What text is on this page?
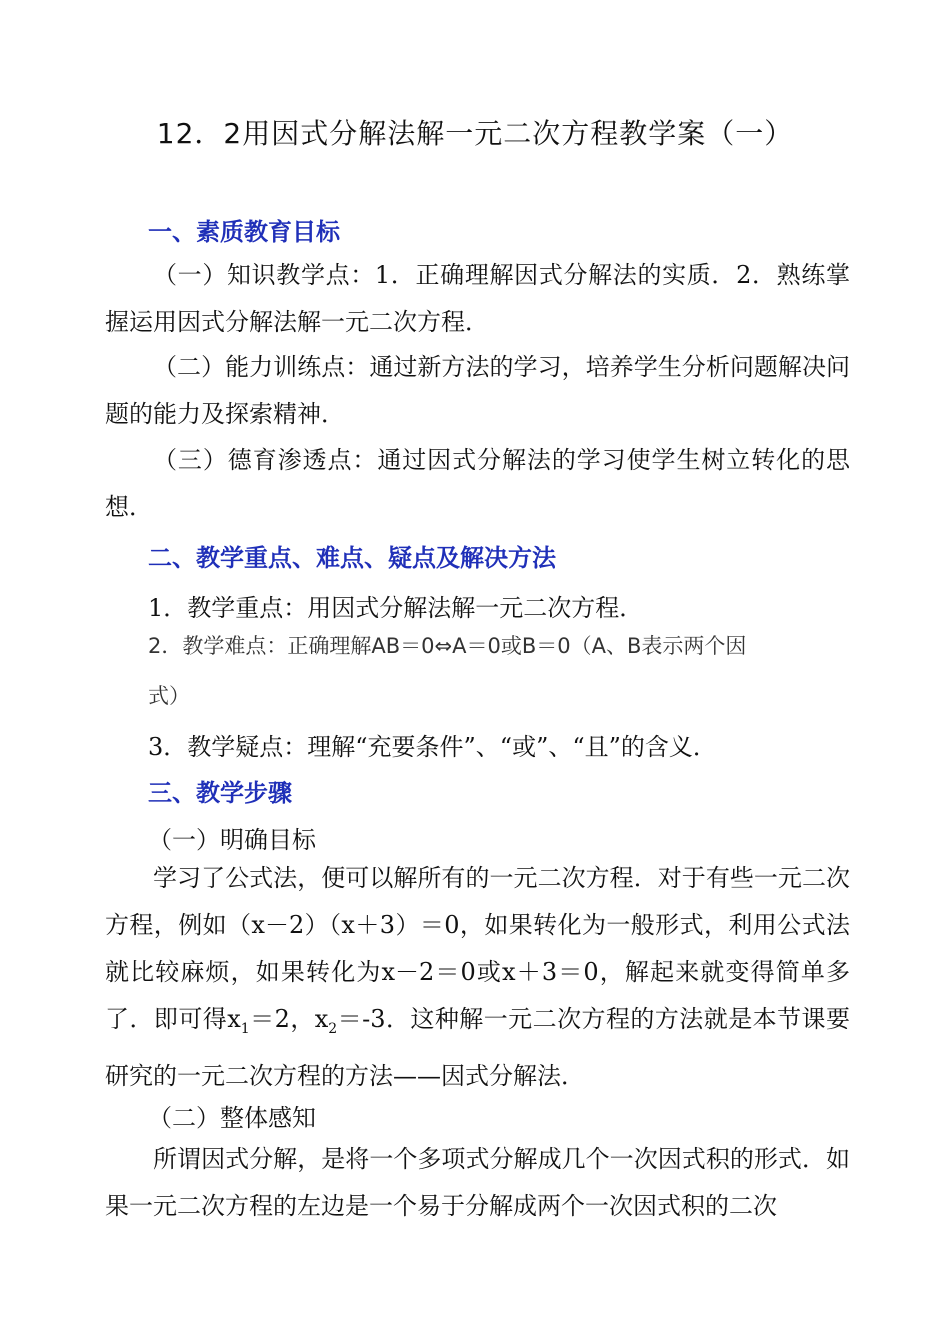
12．2用因式分解法解一元二次方程教学案（一）
一、素质教育目标
（一）知识教学点：1．正确理解因式分解法的实质．2．熟练掌握运用因式分解法解一元二次方程．
（二）能力训练点：通过新方法的学习，培养学生分析问题解决问题的能力及探索精神．
（三）德育渗透点：通过因式分解法的学习使学生树立转化的思想．
二、教学重点、难点、疑点及解决方法
1．教学重点：用因式分解法解一元二次方程．
2．教学难点：正确理解AB＝0⇔A＝0或B＝0（A、B表示两个因
式）
3．教学疑点：理解“充要条件”、“或”、“且”的含义．
三、教学步骤
（一）明确目标
学习了公式法，便可以解所有的一元二次方程．对于有些一元二次方程，例如（x－2）（x＋3）＝0，如果转化为一般形式，利用公式法就比较麻烦，如果转化为x－2＝0或x＋3＝0，解起来就变得简单多了．即可得$x_1=2$，$x_2=-3$．这种解一元二次方程的方法就是本节课要研究的一元二次方程的方法——因式分解法．
（二）整体感知
所谓因式分解，是将一个多项式分解成几个一次因式积的形式．如果一元二次方程的左边是一个易于分解成两个一次因式积的二次
